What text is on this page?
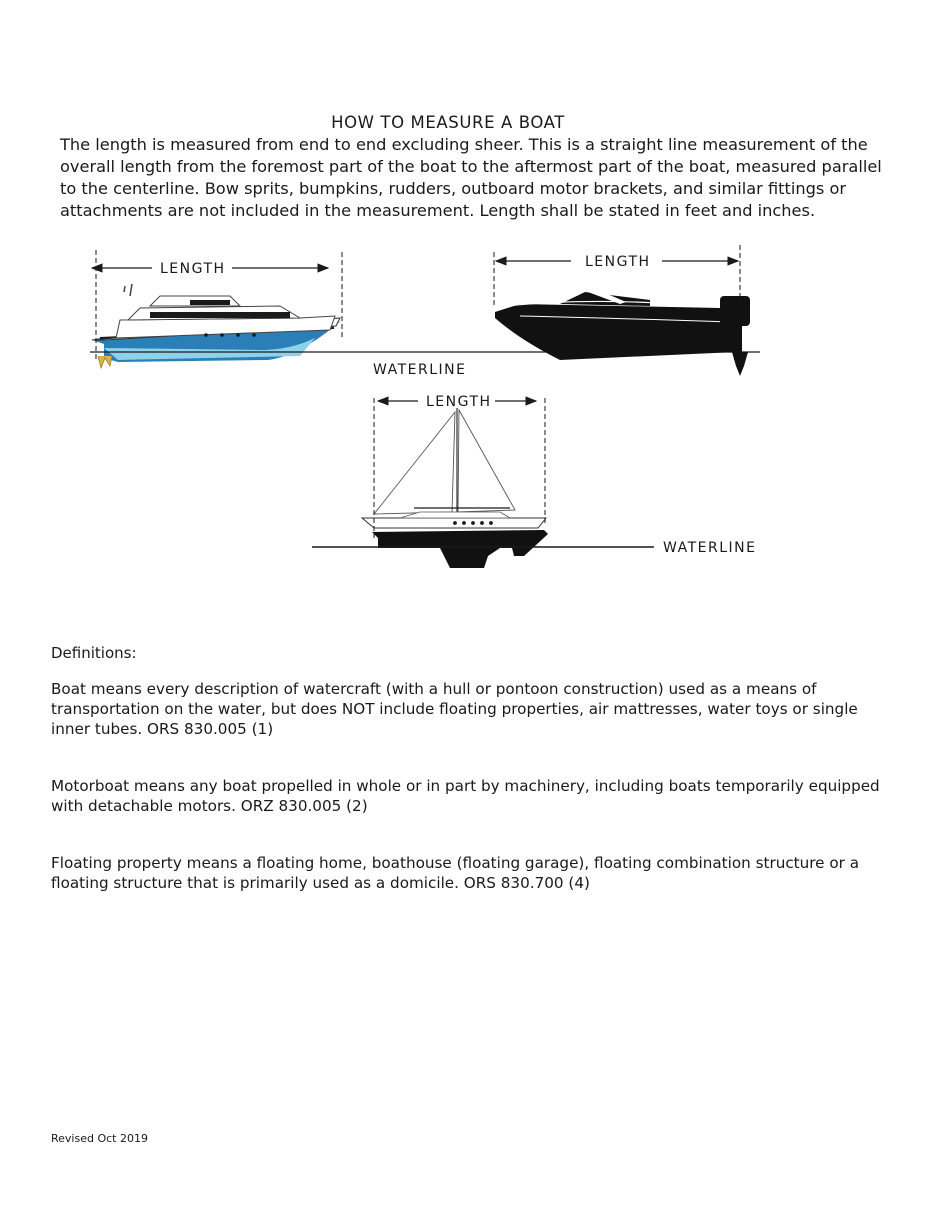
HOW TO MEASURE A BOAT
The length is measured from end to end excluding sheer. This is a straight line measurement of the overall length from the foremost part of the boat to the aftermost part of the boat, measured parallel to the centerline. Bow sprits, bumpkins, rudders, outboard motor brackets, and similar fittings or attachments are not included in the measurement. Length shall be stated in feet and inches.
LENGTH
WATERLINE
LENGTH
LENGTH
WATERLINE
Definitions:
Boat means every description of watercraft (with a hull or pontoon construction) used as a means of transportation on the water, but does NOT include floating properties, air mattresses, water toys or single inner tubes. ORS 830.005 (1)
Motorboat means any boat propelled in whole or in part by machinery, including boats temporarily equipped with detachable motors. ORZ 830.005 (2)
Floating property means a floating home, boathouse (floating garage), floating combination structure or a floating structure that is primarily used as a domicile. ORS 830.700 (4)
Revised Oct 2019
